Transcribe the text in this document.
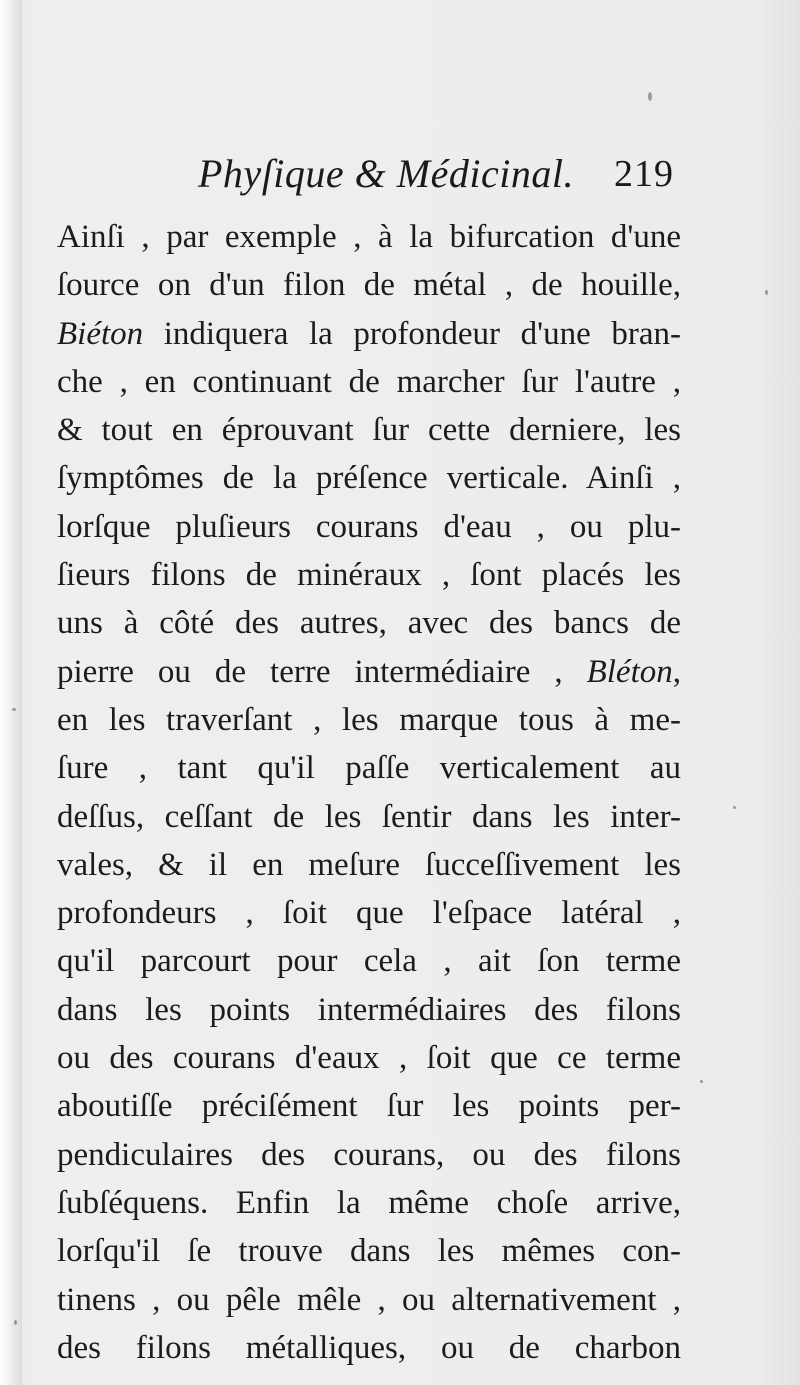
Phyſique & Médicinal. 219
Ainſi , par exemple , à la bifurcation d'une
ſource on d'un filon de métal , de houille,
Biéton indiquera la profondeur d'une bran-
che , en continuant de marcher ſur l'autre ,
& tout en éprouvant ſur cette derniere, les
ſymptômes de la préſence verticale. Ainſi ,
lorſque pluſieurs courans d'eau , ou plu-
ſieurs filons de minéraux , ſont placés les
uns à côté des autres, avec des bancs de
pierre ou de terre intermédiaire , Bléton,
en les traverſant , les marque tous à me-
ſure , tant qu'il paſſe verticalement au
deſſus, ceſſant de les ſentir dans les inter-
vales, & il en meſure ſucceſſivement les
profondeurs , ſoit que l'eſpace latéral ,
qu'il parcourt pour cela , ait ſon terme
dans les points intermédiaires des filons
ou des courans d'eaux , ſoit que ce terme
aboutiſſe préciſément ſur les points per-
pendiculaires des courans, ou des filons
ſubſéquens. Enfin la même choſe arrive,
lorſqu'il ſe trouve dans les mêmes con-
tinens , ou pêle mêle , ou alternativement ,
des filons métalliques, ou de charbon
